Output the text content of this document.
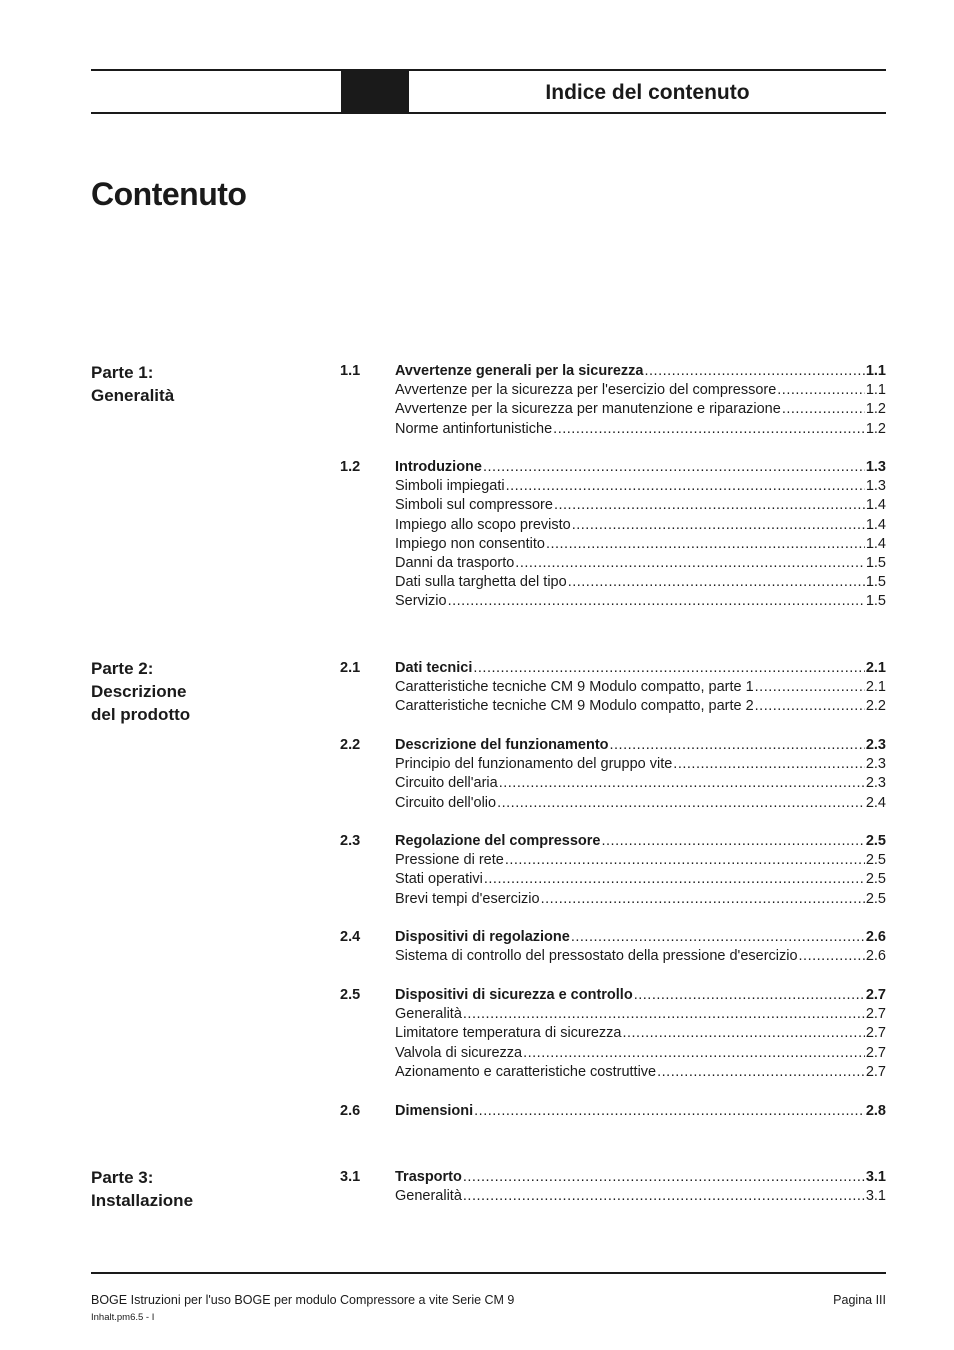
Indice del contenuto
Contenuto
Parte 1:
Generalità
1.1 Avvertenze generali per la sicurezza .....	1.1
Avvertenze per la sicurezza per l'esercizio del compressore .....	1.1
Avvertenze per la sicurezza per manutenzione e riparazione .....	1.2
Norme antinfortunistiche .....	1.2
1.2 Introduzione .....	1.3
Simboli impiegati .....	1.3
Simboli sul compressore .....	1.4
Impiego allo scopo previsto .....	1.4
Impiego non consentito .....	1.4
Danni da trasporto .....	1.5
Dati sulla targhetta del tipo .....	1.5
Servizio .....	1.5
Parte 2:
Descrizione
del prodotto
2.1 Dati tecnici .....	2.1
Caratteristiche tecniche CM 9 Modulo compatto, parte 1 .....	2.1
Caratteristiche tecniche CM 9 Modulo compatto, parte 2 .....	2.2
2.2 Descrizione del funzionamento .....	2.3
Principio del funzionamento del gruppo vite .....	2.3
Circuito dell'aria .....	2.3
Circuito dell'olio .....	2.4
2.3 Regolazione del compressore .....	2.5
Pressione di rete .....	2.5
Stati operativi .....	2.5
Brevi tempi d'esercizio .....	2.5
2.4 Dispositivi di regolazione .....	2.6
Sistema di controllo del pressostato della pressione d'esercizio .....	2.6
2.5 Dispositivi di sicurezza e controllo .....	2.7
Generalità .....	2.7
Limitatore temperatura di sicurezza .....	2.7
Valvola di sicurezza .....	2.7
Azionamento e caratteristiche costruttive .....	2.7
2.6 Dimensioni .....	2.8
Parte 3:
Installazione
3.1 Trasporto .....	3.1
Generalità .....	3.1
BOGE Istruzioni per l'uso BOGE per modulo Compressore a vite Serie CM 9	Pagina III
Inhalt.pm6.5 - I
